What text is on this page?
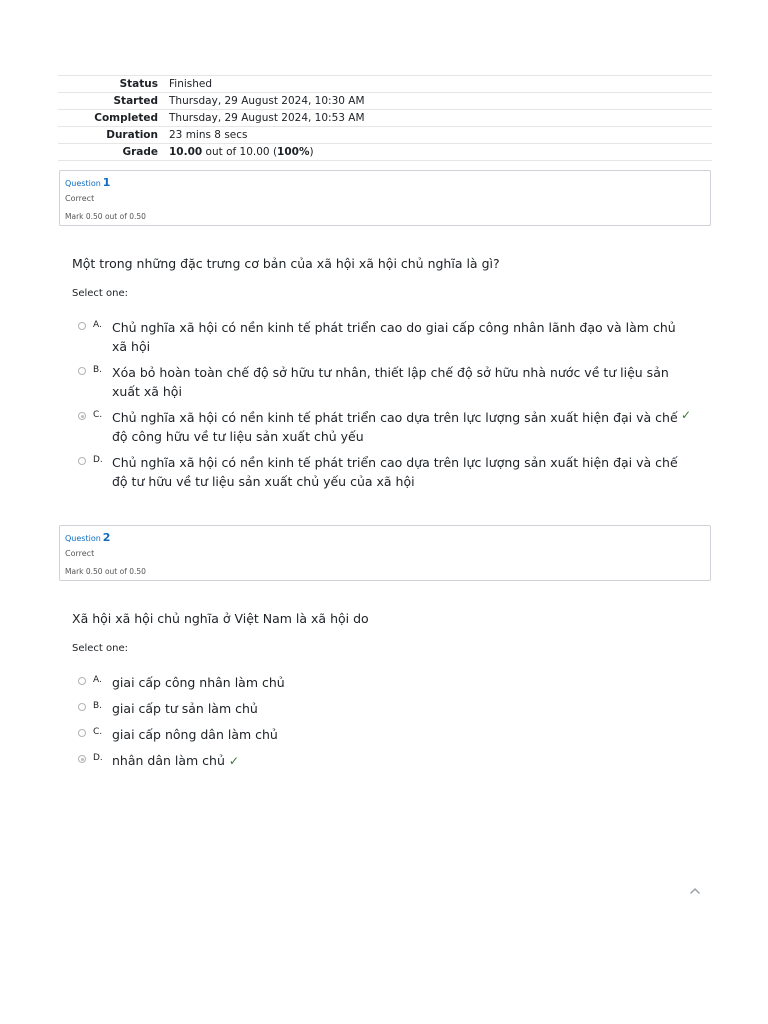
Status	Finished
Started	Thursday, 29 August 2024, 10:30 AM
Completed	Thursday, 29 August 2024, 10:53 AM
Duration	23 mins 8 secs
Grade	10.00 out of 10.00 (100%)
Question 1
Correct
Mark 0.50 out of 0.50
Một trong những đặc trưng cơ bản của xã hội xã hội chủ nghĩa là gì?
Select one:
A. Chủ nghĩa xã hội có nền kinh tế phát triển cao do giai cấp công nhân lãnh đạo và làm chủ xã hội
B. Xóa bỏ hoàn toàn chế độ sở hữu tư nhân, thiết lập chế độ sở hữu nhà nước về tư liệu sản xuất xã hội
C. Chủ nghĩa xã hội có nền kinh tế phát triển cao dựa trên lực lượng sản xuất hiện đại và chế độ công hữu về tư liệu sản xuất chủ yếu
✓
D. Chủ nghĩa xã hội có nền kinh tế phát triển cao dựa trên lực lượng sản xuất hiện đại và chế độ tư hữu về tư liệu sản xuất chủ yếu của xã hội
Question 2
Correct
Mark 0.50 out of 0.50
Xã hội xã hội chủ nghĩa ở Việt Nam là xã hội do
Select one:
A. giai cấp công nhân làm chủ
B. giai cấp tư sản làm chủ
C. giai cấp nông dân làm chủ
D. nhân dân làm chủ ✓
